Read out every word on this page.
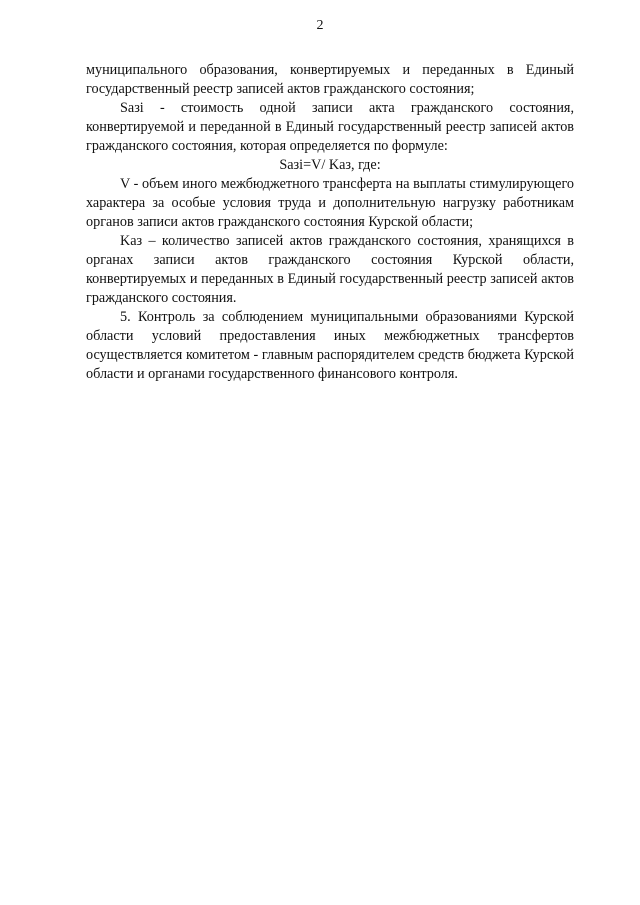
2

муниципального образования, конвертируемых и переданных в Единый государственный реестр записей актов гражданского состояния;

Sазi - стоимость одной записи акта гражданского состояния, конвертируемой и переданной в Единый государственный реестр записей актов гражданского состояния, которая определяется по формуле:

Sазi=V/ Kаз, где:

V - объем иного межбюджетного трансферта на выплаты стимулирующего характера за особые условия труда и дополнительную нагрузку работникам органов записи актов гражданского состояния Курской области;

Kаз – количество записей актов гражданского состояния, хранящихся в органах записи актов гражданского состояния Курской области, конвертируемых и переданных в Единый государственный реестр записей актов гражданского состояния.

5. Контроль за соблюдением муниципальными образованиями Курской области условий предоставления иных межбюджетных трансфертов осуществляется комитетом - главным распорядителем средств бюджета Курской области и органами государственного финансового контроля.
